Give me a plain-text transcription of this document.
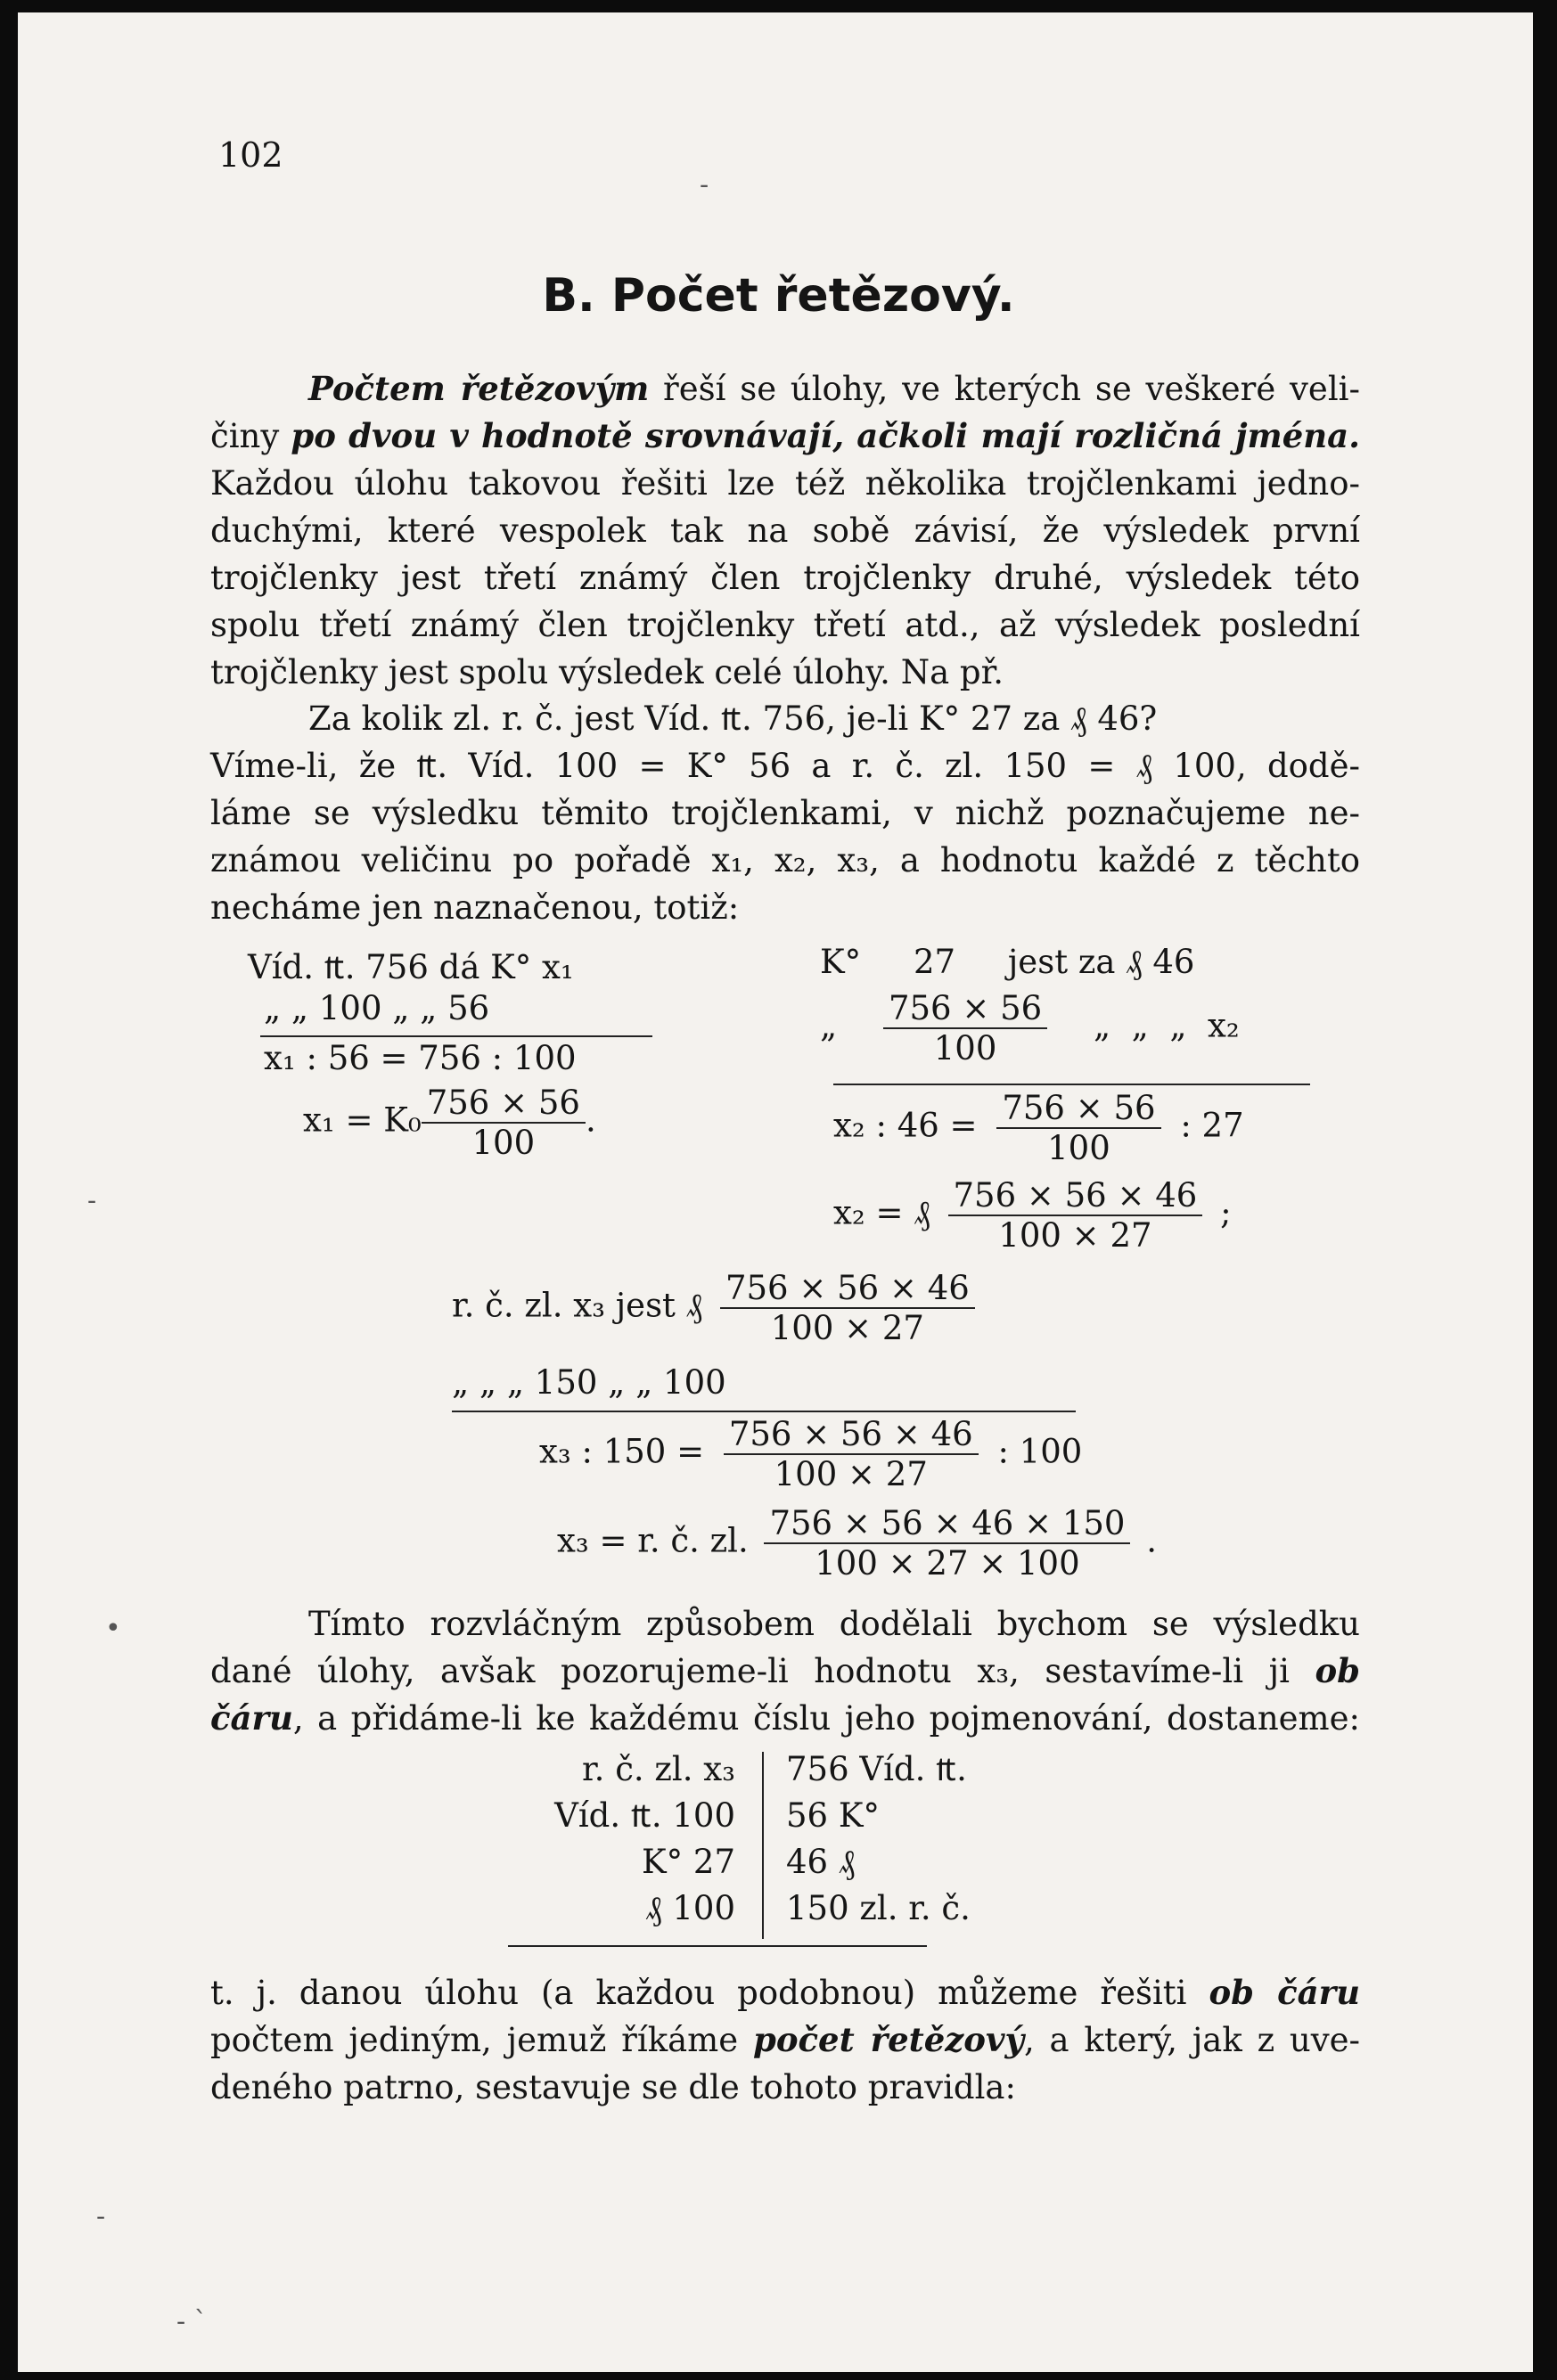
102
-
-
•
-
- ˋ
B. Počet řetězový.
Počtem řetězovým řeší se úlohy, ve kterých se veškeré veli-
činy po dvou v hodnotě srovnávají, ačkoli mají rozličná jména.
Každou úlohu takovou řešiti lze též několika trojčlenkami jedno-
duchými, které vespolek tak na sobě závisí, že výsledek první
trojčlenky jest třetí známý člen trojčlenky druhé, výsledek této
spolu třetí známý člen trojčlenky třetí atd., až výsledek poslední
trojčlenky jest spolu výsledek celé úlohy. Na př.
Za kolik zl. r. č. jest Víd. ₶. 756, je-li K° 27 za ₰ 46?
Víme-li, že ₶. Víd. 100 = K° 56 a r. č. zl. 150 = ₰ 100, dodě-
láme se výsledku těmito trojčlenkami, v nichž poznačujeme ne-
známou veličinu po pořadě x₁, x₂, x₃, a hodnotu každé z těchto
necháme jen naznačenou, totiž:
Víd. ₶. 756 dá K° x₁
„ „ 100 „ „ 56
x₁ : 56 = 756 : 100
$x_1 = K_0 \frac{756 \times 56}{100}$ .
K°     27     jest za ₰ 46
„ $\frac{756 \times 56}{100}$ „  „  „  x₂
x₂ : $46 = \frac{756 \times 56}{100}$ : 27
x₂ = ₰ $\frac{756 \times 56 \times 46}{100 \times 27}$ ;
r. č. zl. x₃ jest ₰ $\frac{756 \times 56 \times 46}{100 \times 27}$
„ „ „ 150 „ „ 100
x₃ : $150 = \frac{756 \times 56 \times 46}{100 \times 27}$ : 100
x₃ = r. č. zl. $\frac{756 \times 56 \times 46 \times 150}{100 \times 27 \times 100}$ .
Tímto rozvláčným způsobem dodělali bychom se výsledku
dané úlohy, avšak pozorujeme-li hodnotu x₃, sestavíme-li ji ob
čáru, a přidáme-li ke každému číslu jeho pojmenování, dostaneme:
r. č. zl. x₃
Víd. ₶. 100
K° 27
₰ 100
756 Víd. ₶.
56 K°
46 ₰
150 zl. r. č.
t. j. danou úlohu (a každou podobnou) můžeme řešiti ob čáru
počtem jediným, jemuž říkáme počet řetězový, a který, jak z uve-
deného patrno, sestavuje se dle tohoto pravidla:
